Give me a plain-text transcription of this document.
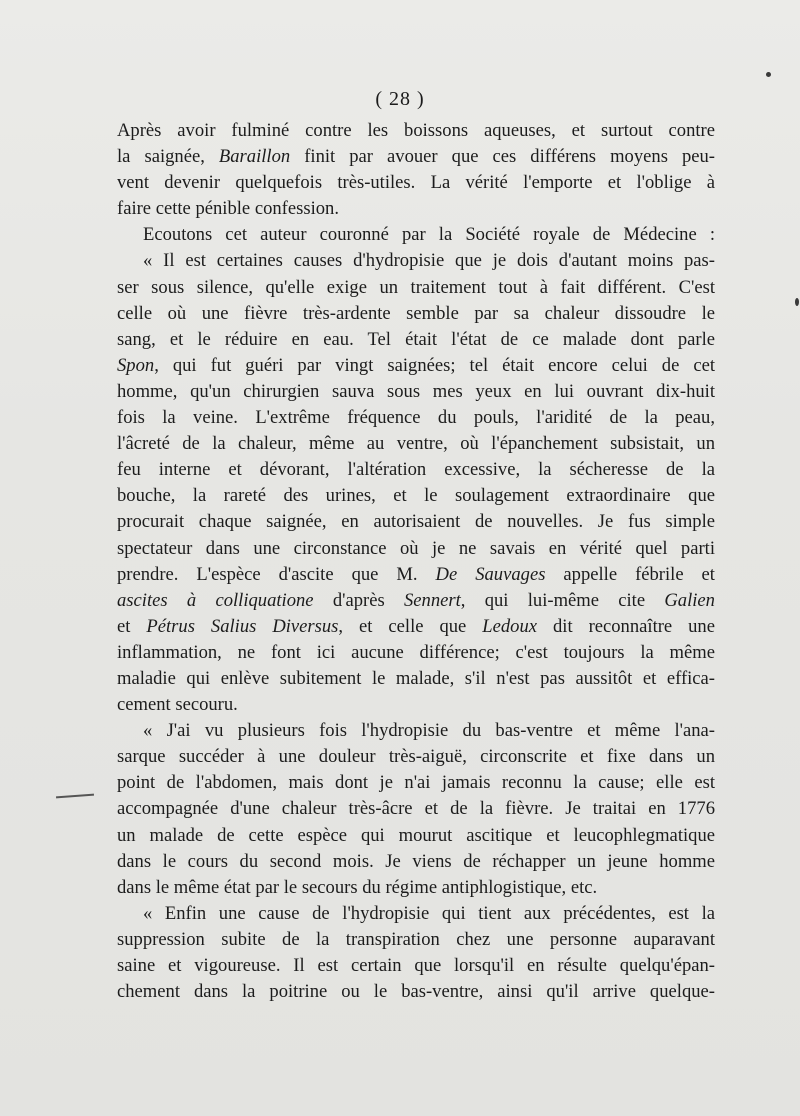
( 28 )
Après avoir fulminé contre les boissons aqueuses, et surtout contre
la saignée, Baraillon finit par avouer que ces différens moyens peu-
vent devenir quelquefois très-utiles. La vérité l'emporte et l'oblige à
faire cette pénible confession.
Ecoutons cet auteur couronné par la Société royale de Médecine :
« Il est certaines causes d'hydropisie que je dois d'autant moins pas-
ser sous silence, qu'elle exige un traitement tout à fait différent. C'est
celle où une fièvre très-ardente semble par sa chaleur dissoudre le
sang, et le réduire en eau. Tel était l'état de ce malade dont parle
Spon, qui fut guéri par vingt saignées; tel était encore celui de cet
homme, qu'un chirurgien sauva sous mes yeux en lui ouvrant dix-huit
fois la veine. L'extrême fréquence du pouls, l'aridité de la peau,
l'âcreté de la chaleur, même au ventre, où l'épanchement subsistait, un
feu interne et dévorant, l'altération excessive, la sécheresse de la
bouche, la rareté des urines, et le soulagement extraordinaire que
procurait chaque saignée, en autorisaient de nouvelles. Je fus simple
spectateur dans une circonstance où je ne savais en vérité quel parti
prendre. L'espèce d'ascite que M. De Sauvages appelle fébrile et
ascites à colliquatione d'après Sennert, qui lui-même cite Galien
et Pétrus Salius Diversus, et celle que Ledoux dit reconnaître une
inflammation, ne font ici aucune différence; c'est toujours la même
maladie qui enlève subitement le malade, s'il n'est pas aussitôt et effica-
cement secouru.
« J'ai vu plusieurs fois l'hydropisie du bas-ventre et même l'ana-
sarque succéder à une douleur très-aiguë, circonscrite et fixe dans un
point de l'abdomen, mais dont je n'ai jamais reconnu la cause; elle est
accompagnée d'une chaleur très-âcre et de la fièvre. Je traitai en 1776
un malade de cette espèce qui mourut ascitique et leucophlegmatique
dans le cours du second mois. Je viens de réchapper un jeune homme
dans le même état par le secours du régime antiphlogistique, etc.
« Enfin une cause de l'hydropisie qui tient aux précédentes, est la
suppression subite de la transpiration chez une personne auparavant
saine et vigoureuse. Il est certain que lorsqu'il en résulte quelqu'épan-
chement dans la poitrine ou le bas-ventre, ainsi qu'il arrive quelque-
